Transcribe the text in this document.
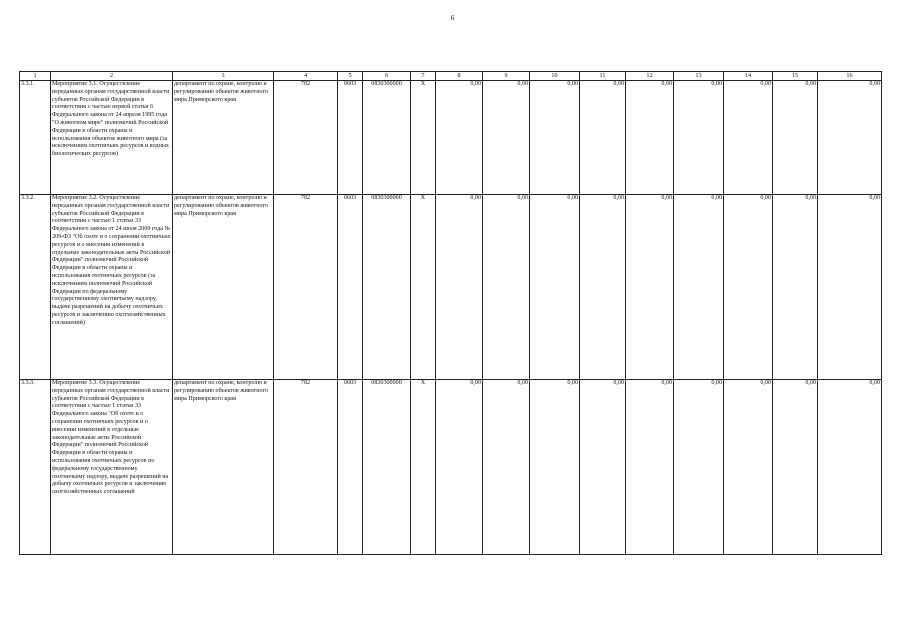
6
1	2	3	4	5	6	7	8	9	10	11	12	13	14	15	16
3.3.1.	Мероприятие 3.1. Осуществление переданных органам государственной власти субъектов Российской Федерации в соответствии с частью первой статьи 6 Федерального закона от 24 апреля 1995 года "О животном мире" полномочий Российской Федерации в области охраны и использования объектов животного мира (за исключением охотничьих ресурсов и водных биологических ресурсов)	департамент по охране, контролю и регулированию объектов животного мира Приморского края	782	0603	0830300000	X	0,00	0,00	0,00	0,00	0,00	0,00	0,00	0,00	0,00
3.3.2.	Мероприятие 3.2. Осуществление переданных органам государственной власти субъектов Российской Федерации в соответствии с частью 1 статьи 33 Федерального закона от 24 июля 2009 года № 209-ФЗ "Об охоте и о сохранении охотничьих ресурсов и о внесении изменений в отдельные законодательные акты Российской Федерации" полномочий Российской Федерации в области охраны и использования охотничьих ресурсов (за исключением полномочий Российской Федерации по федеральному государственному охотничьему надзору, выдаче разрешений на добычу охотничьих ресурсов и заключению охотхозяйственных соглашений)	департамент по охране, контролю и регулированию объектов животного мира Приморского края	782	0603	0830300000	X	0,00	0,00	0,00	0,00	0,00	0,00	0,00	0,00	0,00
3.3.3.	Мероприятие 3.3. Осуществление переданных органам государственной власти субъектов Российской Федерации в соответствии с частью 1 статьи 33 Федерального закона "Об охоте и о сохранении охотничьих ресурсов и о внесении изменений в отдельные законодательные акты Российской Федерации" полномочий Российской Федерации в области охраны и использования охотничьих ресурсов по федеральному государственному охотничьему надзору, выдаче разрешений на добычу охотничьих ресурсов и заключению охотхозяйственных соглашений	департамент по охране, контролю и регулированию объектов животного мира Приморского края	782	0603	0830300000	X	0,00	0,00	0,00	0,00	0,00	0,00	0,00	0,00	0,00
